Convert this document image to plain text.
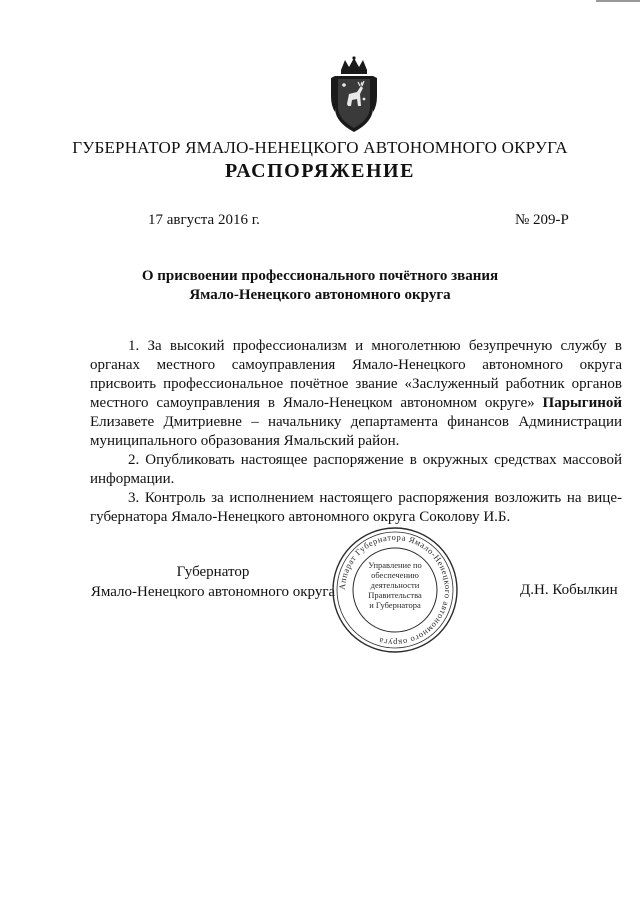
ГУБЕРНАТОР ЯМАЛО-НЕНЕЦКОГО АВТОНОМНОГО ОКРУГА
РАСПОРЯЖЕНИЕ
17 августа 2016 г.	№ 209-Р
О присвоении профессионального почётного звания
Ямало-Ненецкого автономного округа

1. За высокий профессионализм и многолетнюю безупречную службу в органах местного самоуправления Ямало-Ненецкого автономного округа присвоить профессиональное почётное звание «Заслуженный работник органов местного самоуправления в Ямало-Ненецком автономном округе» Парыгиной Елизавете Дмитриевне – начальнику департамента финансов Администрации муниципального образования Ямальский район.

2. Опубликовать настоящее распоряжение в окружных средствах массовой информации.

3. Контроль за исполнением настоящего распоряжения возложить на вице-губернатора Ямало-Ненецкого автономного округа Соколову И.Б.

Губернатор
Ямало-Ненецкого автономного округа	Д.Н. Кобылкин
Аппарат Губернатора Ямало-Ненецкого автономного округа
Управление по
обеспечению
деятельности
Правительства
и Губернатора
